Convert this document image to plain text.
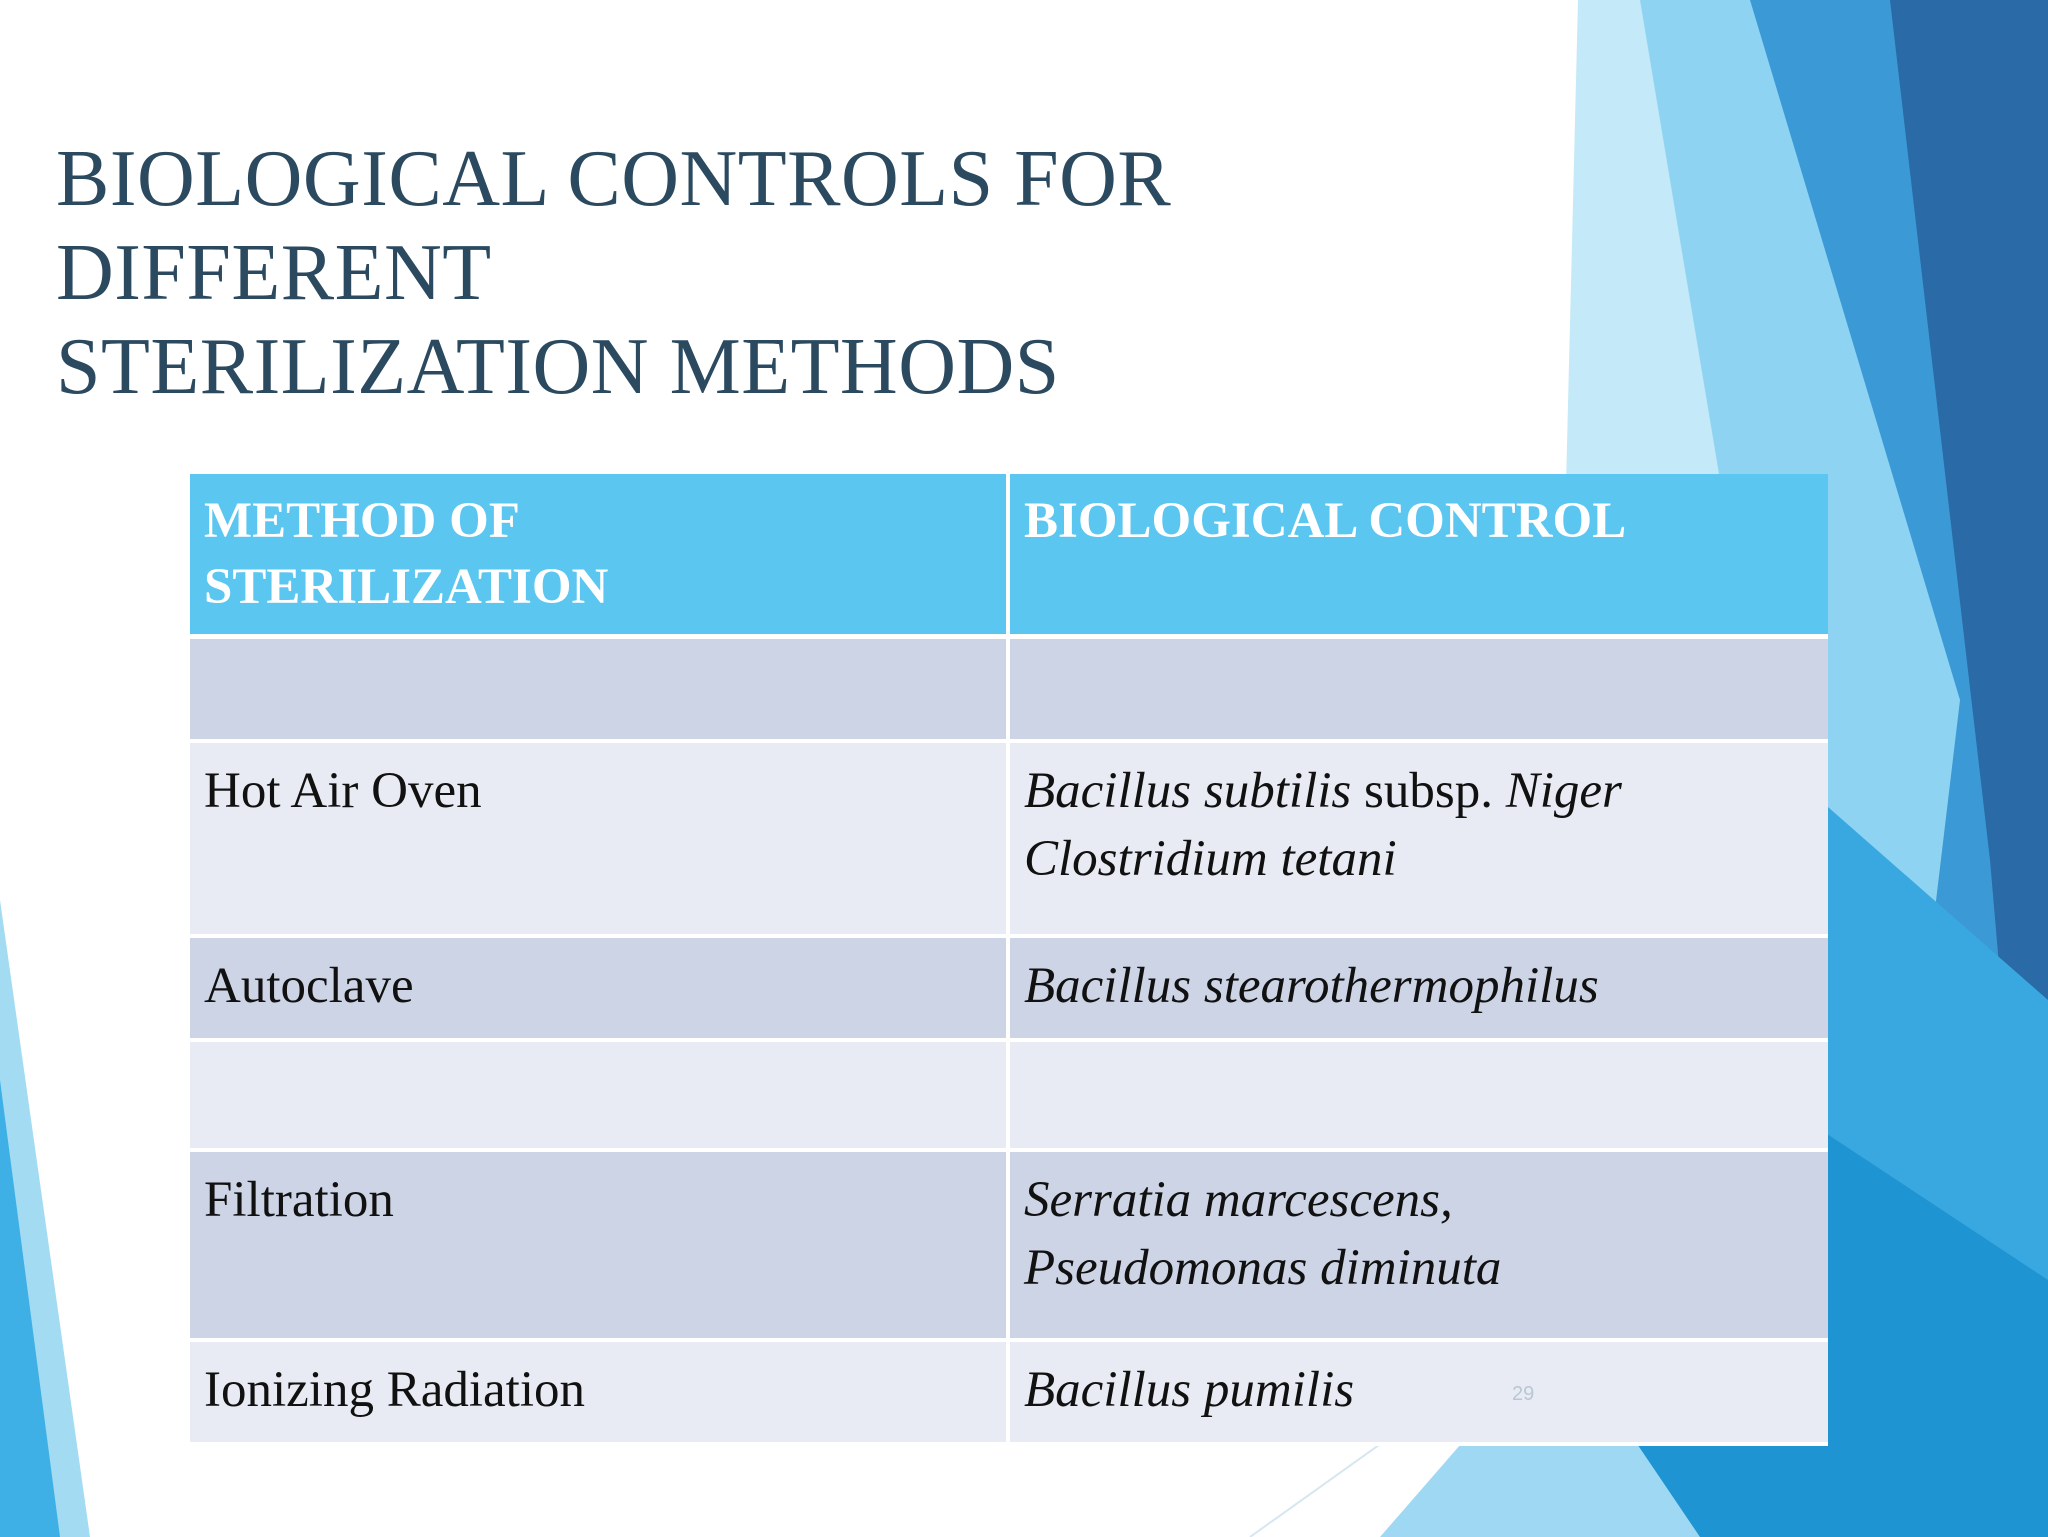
BIOLOGICAL CONTROLS FOR DIFFERENT
STERILIZATION METHODS
METHOD OF
STERILIZATION	BIOLOGICAL CONTROL

Hot Air Oven	Bacillus subtilis subsp. Niger
Clostridium tetani
Autoclave	Bacillus stearothermophilus

Filtration	Serratia marcescens,
Pseudomonas diminuta
Ionizing Radiation	Bacillus pumilis	29
